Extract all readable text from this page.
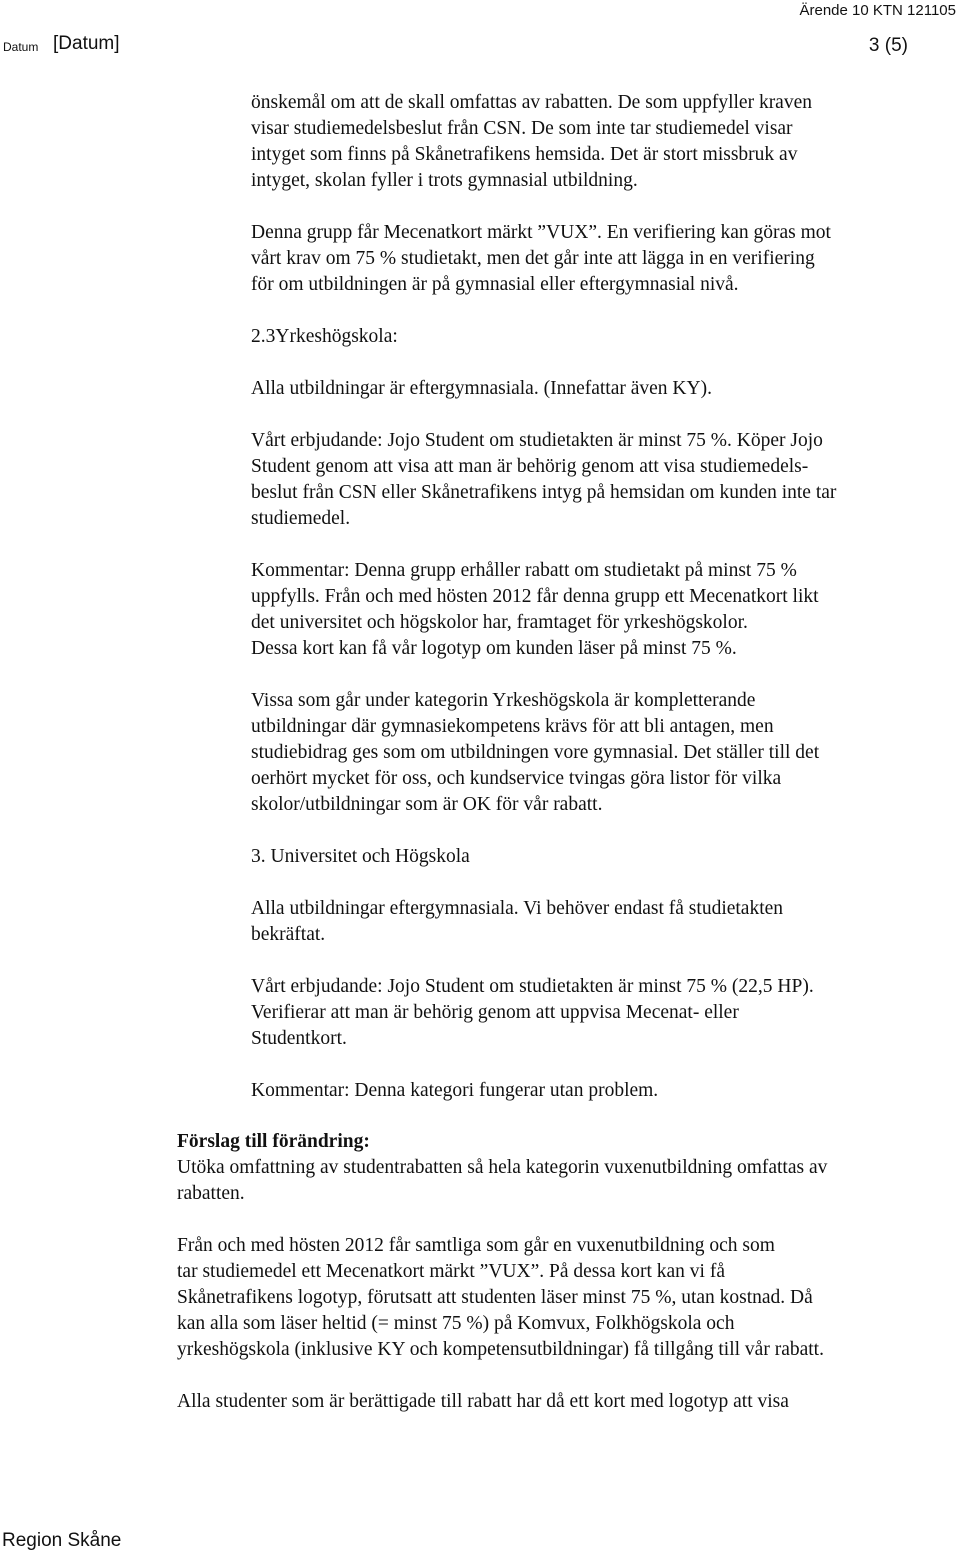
Ärende 10 KTN 121105
Datum [Datum]	3 (5)
önskemål om att de skall omfattas av rabatten. De som uppfyller kraven
visar studiemedelsbeslut från CSN. De som inte tar studiemedel visar
intyget som finns på Skånetrafikens hemsida. Det är stort missbruk av
intyget, skolan fyller i trots gymnasial utbildning.
Denna grupp får Mecenatkort märkt ”VUX”. En verifiering kan göras mot
vårt krav om 75 % studietakt, men det går inte att lägga in en verifiering
för om utbildningen är på gymnasial eller eftergymnasial nivå.
2.3Yrkeshögskola:
Alla utbildningar är eftergymnasiala. (Innefattar även KY).
Vårt erbjudande: Jojo Student om studietakten är minst 75 %. Köper Jojo
Student genom att visa att man är behörig genom att visa studiemedels-
beslut från CSN eller Skånetrafikens intyg på hemsidan om kunden inte tar
studiemedel.
Kommentar: Denna grupp erhåller rabatt om studietakt på minst 75 %
uppfylls. Från och med hösten 2012 får denna grupp ett Mecenatkort likt
det universitet och högskolor har, framtaget för yrkeshögskolor.
Dessa kort kan få vår logotyp om kunden läser på minst 75 %.
Vissa som går under kategorin Yrkeshögskola är kompletterande
utbildningar där gymnasiekompetens krävs för att bli antagen, men
studiebidrag ges som om utbildningen vore gymnasial. Det ställer till det
oerhört mycket för oss, och kundservice tvingas göra listor för vilka
skolor/utbildningar som är OK för vår rabatt.
3. Universitet och Högskola
Alla utbildningar eftergymnasiala. Vi behöver endast få studietakten
bekräftat.
Vårt erbjudande: Jojo Student om studietakten är minst 75 % (22,5 HP).
Verifierar att man är behörig genom att uppvisa Mecenat- eller
Studentkort.
Kommentar: Denna kategori fungerar utan problem.
Förslag till förändring:
Utöka omfattning av studentrabatten så hela kategorin vuxenutbildning omfattas av
rabatten.
Från och med hösten 2012 får samtliga som går en vuxenutbildning och som
tar studiemedel ett Mecenatkort märkt ”VUX”. På dessa kort kan vi få
Skånetrafikens logotyp, förutsatt att studenten läser minst 75 %, utan kostnad. Då
kan alla som läser heltid (= minst 75 %) på Komvux, Folkhögskola och
yrkeshögskola (inklusive KY och kompetensutbildningar) få tillgång till vår rabatt.
Alla studenter som är berättigade till rabatt har då ett kort med logotyp att visa
Region Skåne
